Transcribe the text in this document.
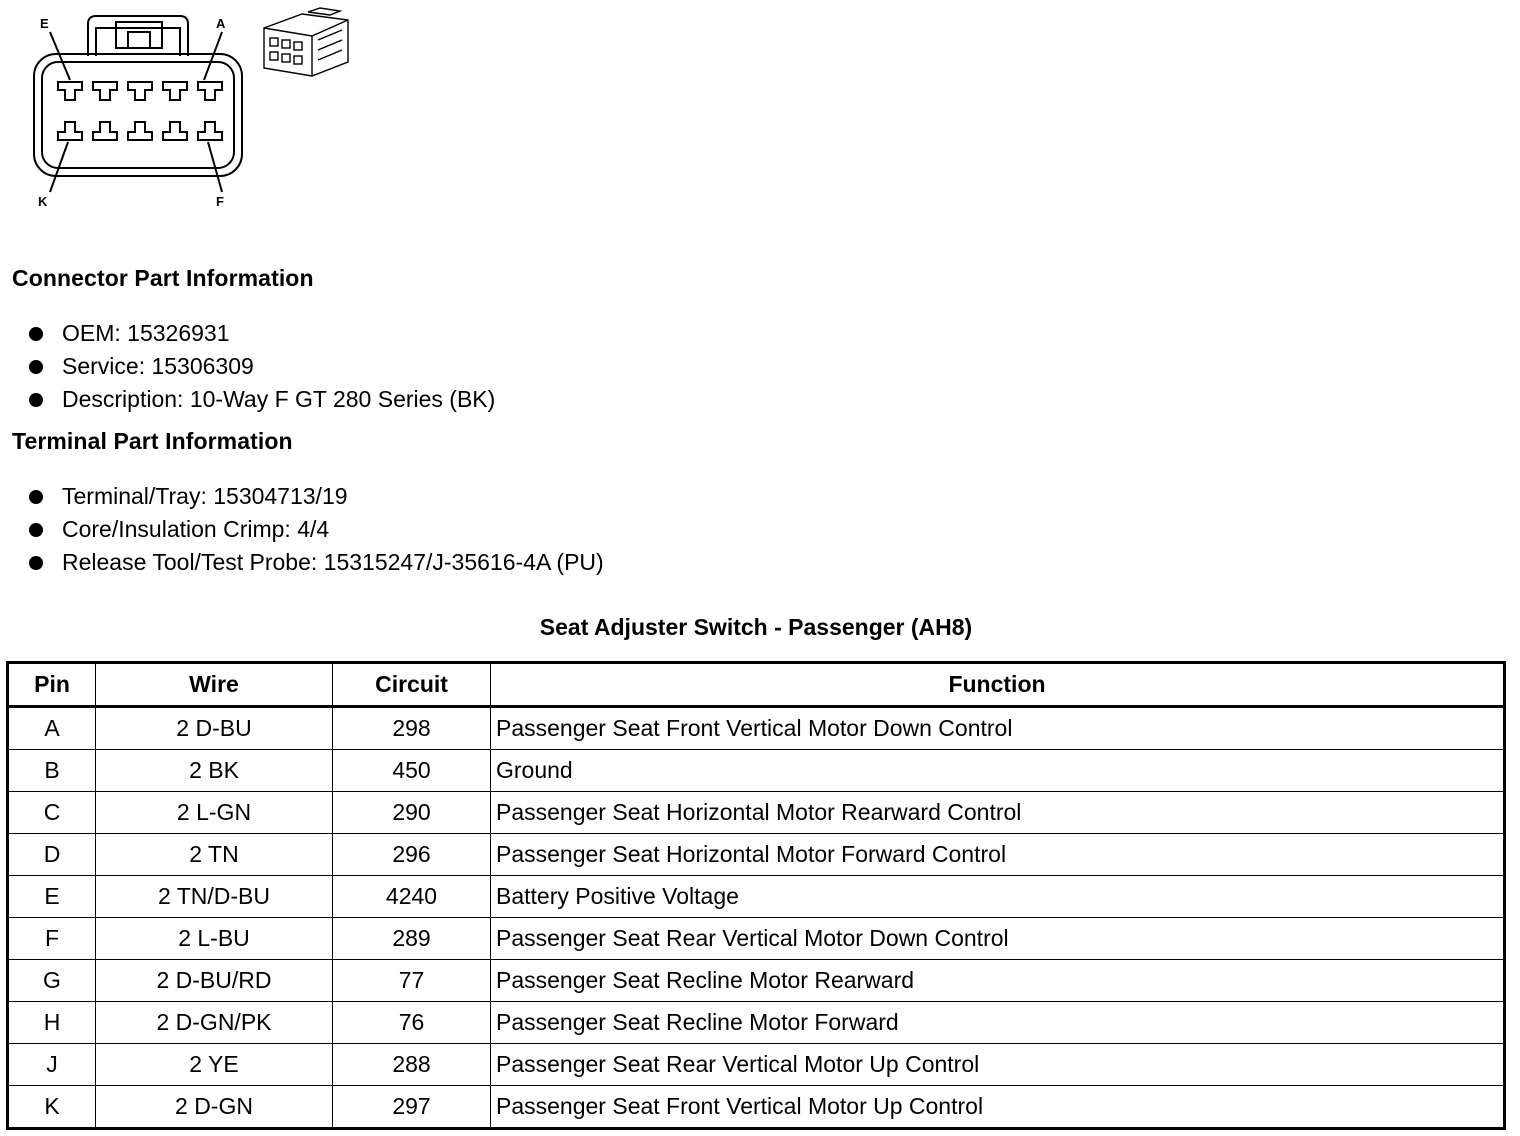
E	A
K	F
Connector Part Information
OEM: 15326931
Service: 15306309
Description: 10-Way F GT 280 Series (BK)
Terminal Part Information
Terminal/Tray: 15304713/19
Core/Insulation Crimp: 4/4
Release Tool/Test Probe: 15315247/J-35616-4A (PU)
Seat Adjuster Switch - Passenger (AH8)
Pin	Wire	Circuit	Function
A	2 D-BU	298	Passenger Seat Front Vertical Motor Down Control
B	2 BK	450	Ground
C	2 L-GN	290	Passenger Seat Horizontal Motor Rearward Control
D	2 TN	296	Passenger Seat Horizontal Motor Forward Control
E	2 TN/D-BU	4240	Battery Positive Voltage
F	2 L-BU	289	Passenger Seat Rear Vertical Motor Down Control
G	2 D-BU/RD	77	Passenger Seat Recline Motor Rearward
H	2 D-GN/PK	76	Passenger Seat Recline Motor Forward
J	2 YE	288	Passenger Seat Rear Vertical Motor Up Control
K	2 D-GN	297	Passenger Seat Front Vertical Motor Up Control
